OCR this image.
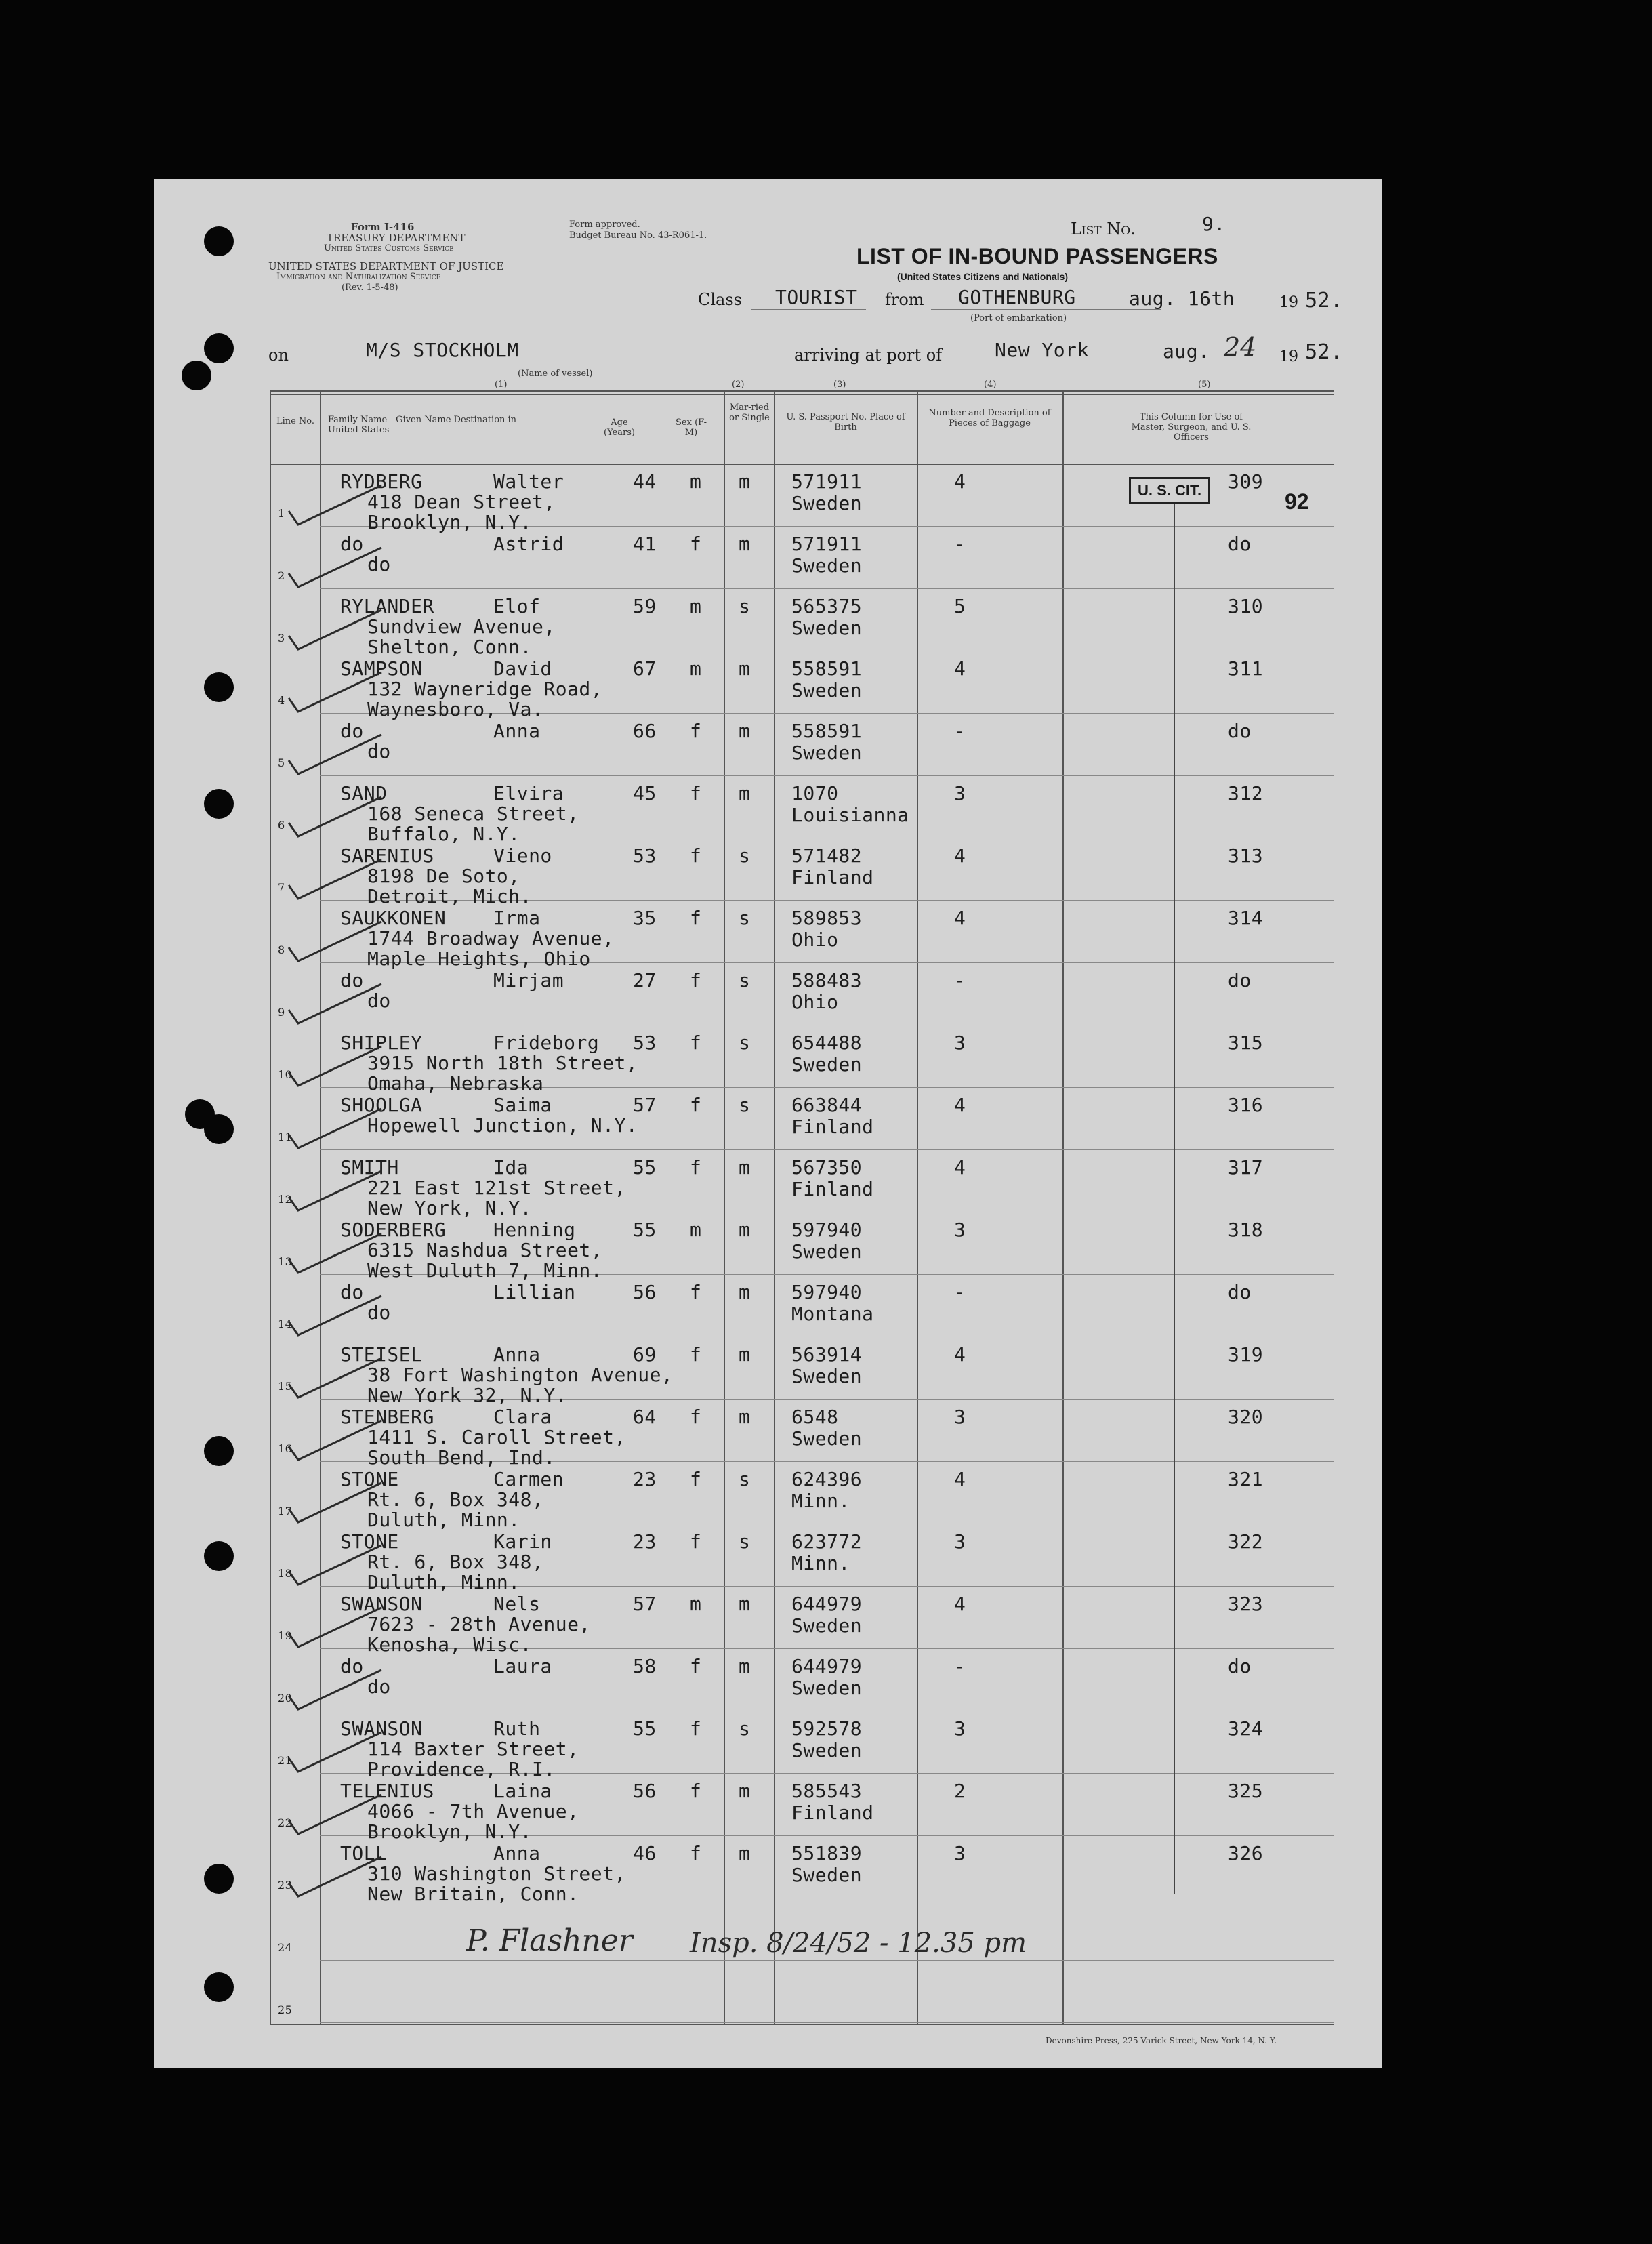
Form I-416
TREASURY DEPARTMENT
United States Customs Service
UNITED STATES DEPARTMENT OF JUSTICE
Immigration and Naturalization Service
(Rev. 1-5-48)
Form approved.
Budget Bureau No. 43-R061-1.
LIST OF IN-BOUND PASSENGERS
(United States Citizens and Nationals)
List No.	9.
Class TOURIST from GOTHENBURG
(Port of embarkation)
aug. 16th	19 52.
on	M/S STOCKHOLM
(Name of vessel)
arriving at port of	New York	aug. 24 19 52.
(1)	(2)	(3)	(4)	(5)
Line No.	Family Name—Given Name Destination in United States
Age (Years)
Sex (F-M)
Mar-ried or Single U. S. Passport No. Place of Birth
Number and Description of Pieces of Baggage
This Column for Use of Master, Surgeon, and U. S. Officers
1
RYDBERG	Walter
418 Dean Street,
Brooklyn, N.Y.
44 m m 571911
Sweden
4	309
2
do	Astrid
do
41 f m 571911
Sweden
-	do
3
RYLANDER	Elof
Sundview Avenue,
Shelton, Conn.
59 m s 565375
Sweden
5	310
4
SAMPSON	David
132 Wayneridge Road,
Waynesboro, Va.
67 m m 558591
Sweden
4	311
5
do	Anna
do
66 f m 558591
Sweden
-	do
6
SAND	Elvira
168 Seneca Street,
Buffalo, N.Y.
45 f m 1070
Louisianna
3	312
7
SARENIUS	Vieno
8198 De Soto,
Detroit, Mich.
53 f s 571482
Finland
4	313
8
SAUKKONEN Irma
1744 Broadway Avenue,
Maple Heights, Ohio
35 f s 589853
Ohio
4	314
9
do	Mirjam
do
27 f s 588483
Ohio
-	do
10
SHIPLEY	Frideborg
3915 North 18th Street,
Omaha, Nebraska
53 f s 654488
Sweden
3	315
11
SHOOLGA	Saima
Hopewell Junction, N.Y.
57 f s 663844
Finland
4	316
12
SMITH	Ida
221 East 121st Street,
New York, N.Y.
55 f m 567350
Finland
4	317
13
SODERBERG Henning
6315 Nashdua Street,
West Duluth 7, Minn.
55 m m 597940
Sweden
3	318
14
do	Lillian
do
56 f m 597940
Montana
-	do
15
STEISEL	Anna
38 Fort Washington Avenue,
New York 32, N.Y.
69 f m 563914
Sweden
4	319
16
STENBERG	Clara
1411 S. Caroll Street,
South Bend, Ind.
64 f m 6548
Sweden
3	320
17
STONE	Carmen
Rt. 6, Box 348,
Duluth, Minn.
23 f s 624396
Minn.
4	321
18
STONE	Karin
Rt. 6, Box 348,
Duluth, Minn.
23 f s 623772
Minn.
3	322
19
SWANSON	Nels
7623 - 28th Avenue,
Kenosha, Wisc.
57 m m 644979
Sweden
4	323
20
do	Laura
do
58 f m 644979
Sweden
-	do
21
SWANSON	Ruth
114 Baxter Street,
Providence, R.I.
55 f s 592578
Sweden
3	324
22
TELENIUS	Laina
4066 - 7th Avenue,
Brooklyn, N.Y.
56 f m 585543
Finland
2	325
23
TOLL	Anna
310 Washington Street,
New Britain, Conn.
46 f m 551839
Sweden
3	326
24
25
U. S. CIT.	92
P. Flashner Insp. 8/24/52 - 12.35 pm
Devonshire Press, 225 Varick Street, New York 14, N. Y.
